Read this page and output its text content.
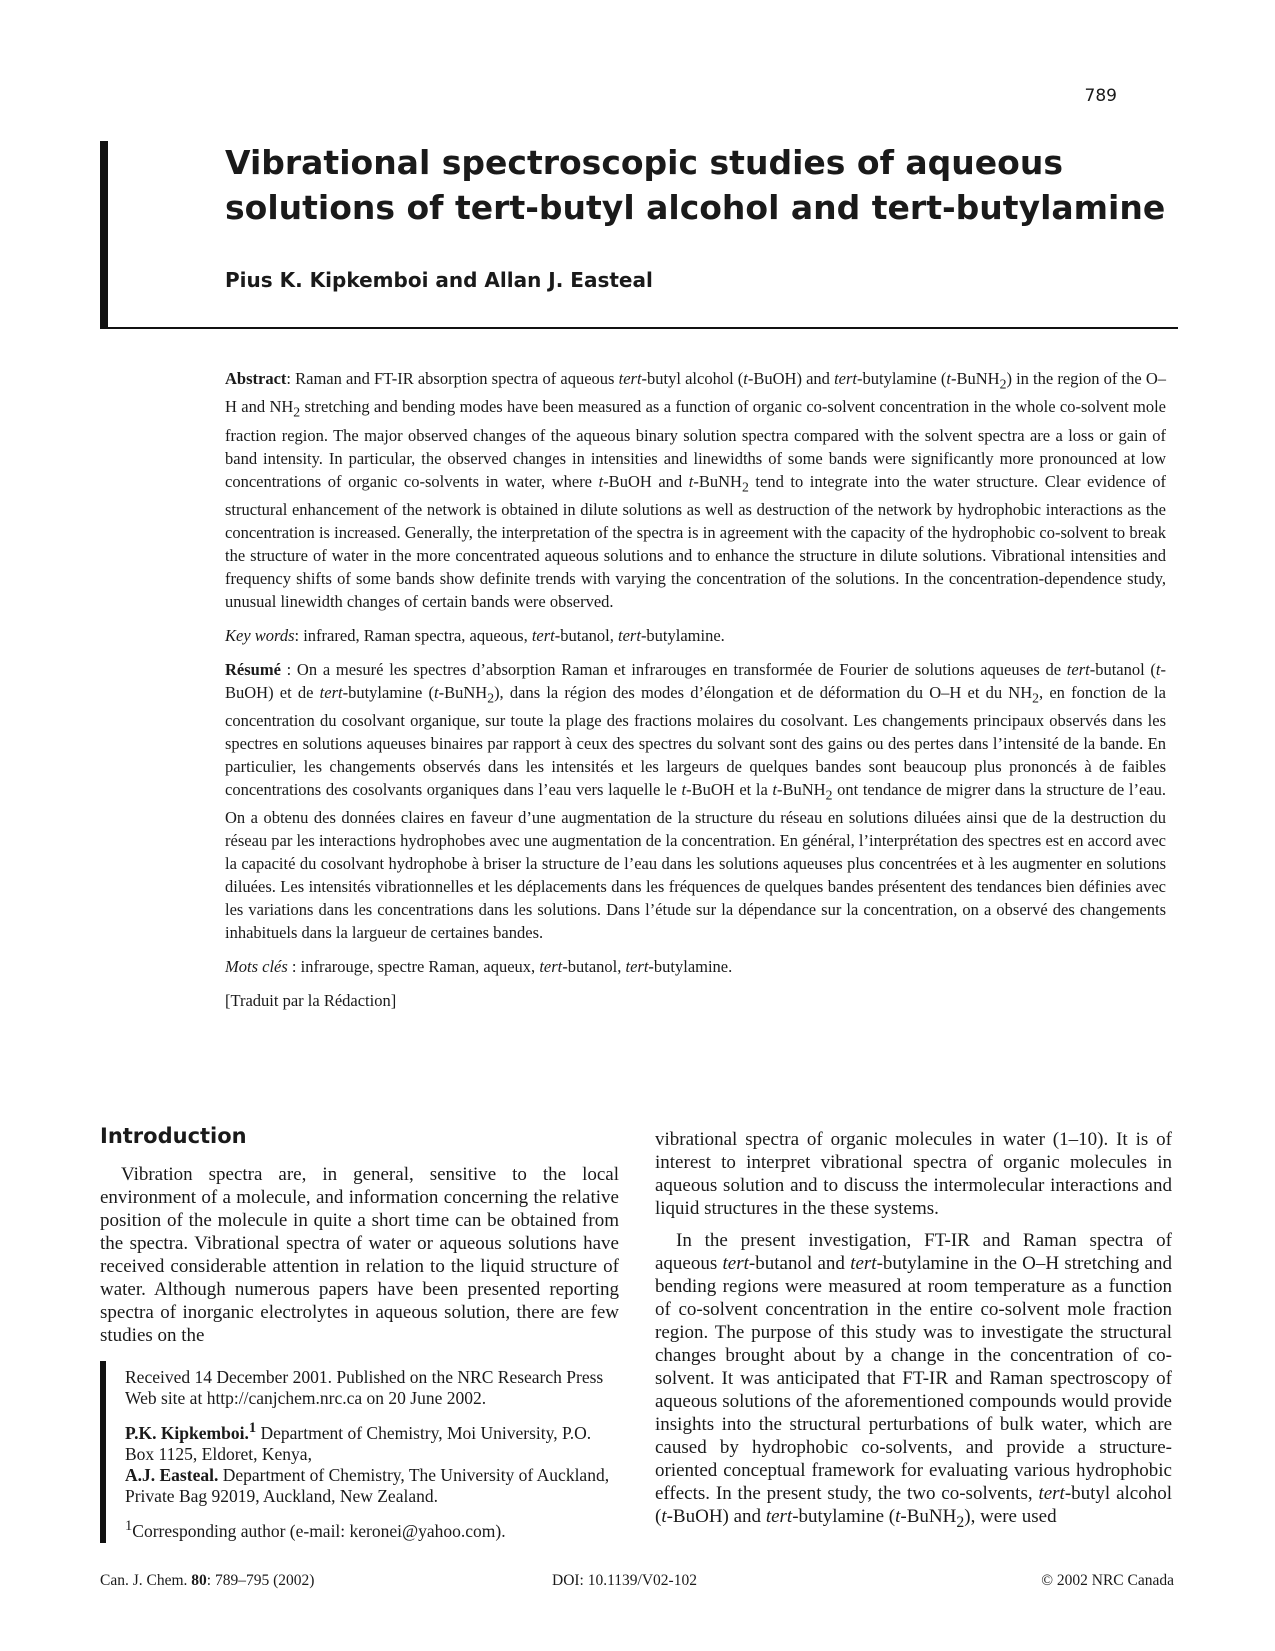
789
Vibrational spectroscopic studies of aqueous solutions of tert-butyl alcohol and tert-butylamine
Pius K. Kipkemboi and Allan J. Easteal

Abstract: Raman and FT-IR absorption spectra of aqueous tert-butyl alcohol (t-BuOH) and tert-butylamine (t-BuNH$_2$) in the region of the O–H and $NH_2$ stretching and bending modes have been measured as a function of organic co-solvent concentration in the whole co-solvent mole fraction region. The major observed changes of the aqueous binary solution spectra compared with the solvent spectra are a loss or gain of band intensity. In particular, the observed changes in intensities and linewidths of some bands were significantly more pronounced at low concentrations of organic co-solvents in water, where t-BuOH and t-BuNH$_2$ tend to integrate into the water structure. Clear evidence of structural enhancement of the network is obtained in dilute solutions as well as destruction of the network by hydrophobic interactions as the concentration is increased. Generally, the interpretation of the spectra is in agreement with the capacity of the hydrophobic co-solvent to break the structure of water in the more concentrated aqueous solutions and to enhance the structure in dilute solutions. Vibrational intensities and frequency shifts of some bands show definite trends with varying the concentration of the solutions. In the concentration-dependence study, unusual linewidth changes of certain bands were observed.

Key words: infrared, Raman spectra, aqueous, tert-butanol, tert-butylamine.

Résumé : On a mesuré les spectres d’absorption Raman et infrarouges en transformée de Fourier de solutions aqueuses de tert-butanol (t-BuOH) et de tert-butylamine (t-BuNH$_2$), dans la région des modes d’élongation et de déformation du O–H et du $NH_2$, en fonction de la concentration du cosolvant organique, sur toute la plage des fractions molaires du cosolvant. Les changements principaux observés dans les spectres en solutions aqueuses binaires par rapport à ceux des spectres du solvant sont des gains ou des pertes dans l’intensité de la bande. En particulier, les changements observés dans les intensités et les largeurs de quelques bandes sont beaucoup plus prononcés à de faibles concentrations des cosolvants organiques dans l’eau vers laquelle le t-BuOH et la t-BuNH$_2$ ont tendance de migrer dans la structure de l’eau. On a obtenu des données claires en faveur d’une augmentation de la structure du réseau en solutions diluées ainsi que de la destruction du réseau par les interactions hydrophobes avec une augmentation de la concentration. En général, l’interprétation des spectres est en accord avec la capacité du cosolvant hydrophobe à briser la structure de l’eau dans les solutions aqueuses plus concentrées et à les augmenter en solutions diluées. Les intensités vibrationnelles et les déplacements dans les fréquences de quelques bandes présentent des tendances bien définies avec les variations dans les concentrations dans les solutions. Dans l’étude sur la dépendance sur la concentration, on a observé des changements inhabituels dans la largueur de certaines bandes.

Mots clés : infrarouge, spectre Raman, aqueux, tert-butanol, tert-butylamine.

[Traduit par la Rédaction]

Introduction

Vibration spectra are, in general, sensitive to the local environment of a molecule, and information concerning the relative position of the molecule in quite a short time can be obtained from the spectra. Vibrational spectra of water or aqueous solutions have received considerable attention in relation to the liquid structure of water. Although numerous papers have been presented reporting spectra of inorganic electrolytes in aqueous solution, there are few studies on the

Received 14 December 2001. Published on the NRC Research Press Web site at http://canjchem.nrc.ca on 20 June 2002.

P.K. Kipkemboi.$^1$ Department of Chemistry, Moi University, P.O. Box 1125, Eldoret, Kenya,

A.J. Easteal. Department of Chemistry, The University of Auckland, Private Bag 92019, Auckland, New Zealand.

$^1$Corresponding author (e-mail: keronei@yahoo.com).

vibrational spectra of organic molecules in water (1–10). It is of interest to interpret vibrational spectra of organic molecules in aqueous solution and to discuss the intermolecular interactions and liquid structures in the these systems.

In the present investigation, FT-IR and Raman spectra of aqueous tert-butanol and tert-butylamine in the O–H stretching and bending regions were measured at room temperature as a function of co-solvent concentration in the entire co-solvent mole fraction region. The purpose of this study was to investigate the structural changes brought about by a change in the concentration of co-solvent. It was anticipated that FT-IR and Raman spectroscopy of aqueous solutions of the aforementioned compounds would provide insights into the structural perturbations of bulk water, which are caused by hydrophobic co-solvents, and provide a structure-oriented conceptual framework for evaluating various hydrophobic effects. In the present study, the two co-solvents, tert-butyl alcohol (t-BuOH) and tert-butylamine (t-BuNH$_2$), were used

Can. J. Chem. 80: 789–795 (2002)	DOI: 10.1139/V02-102	© 2002 NRC Canada
